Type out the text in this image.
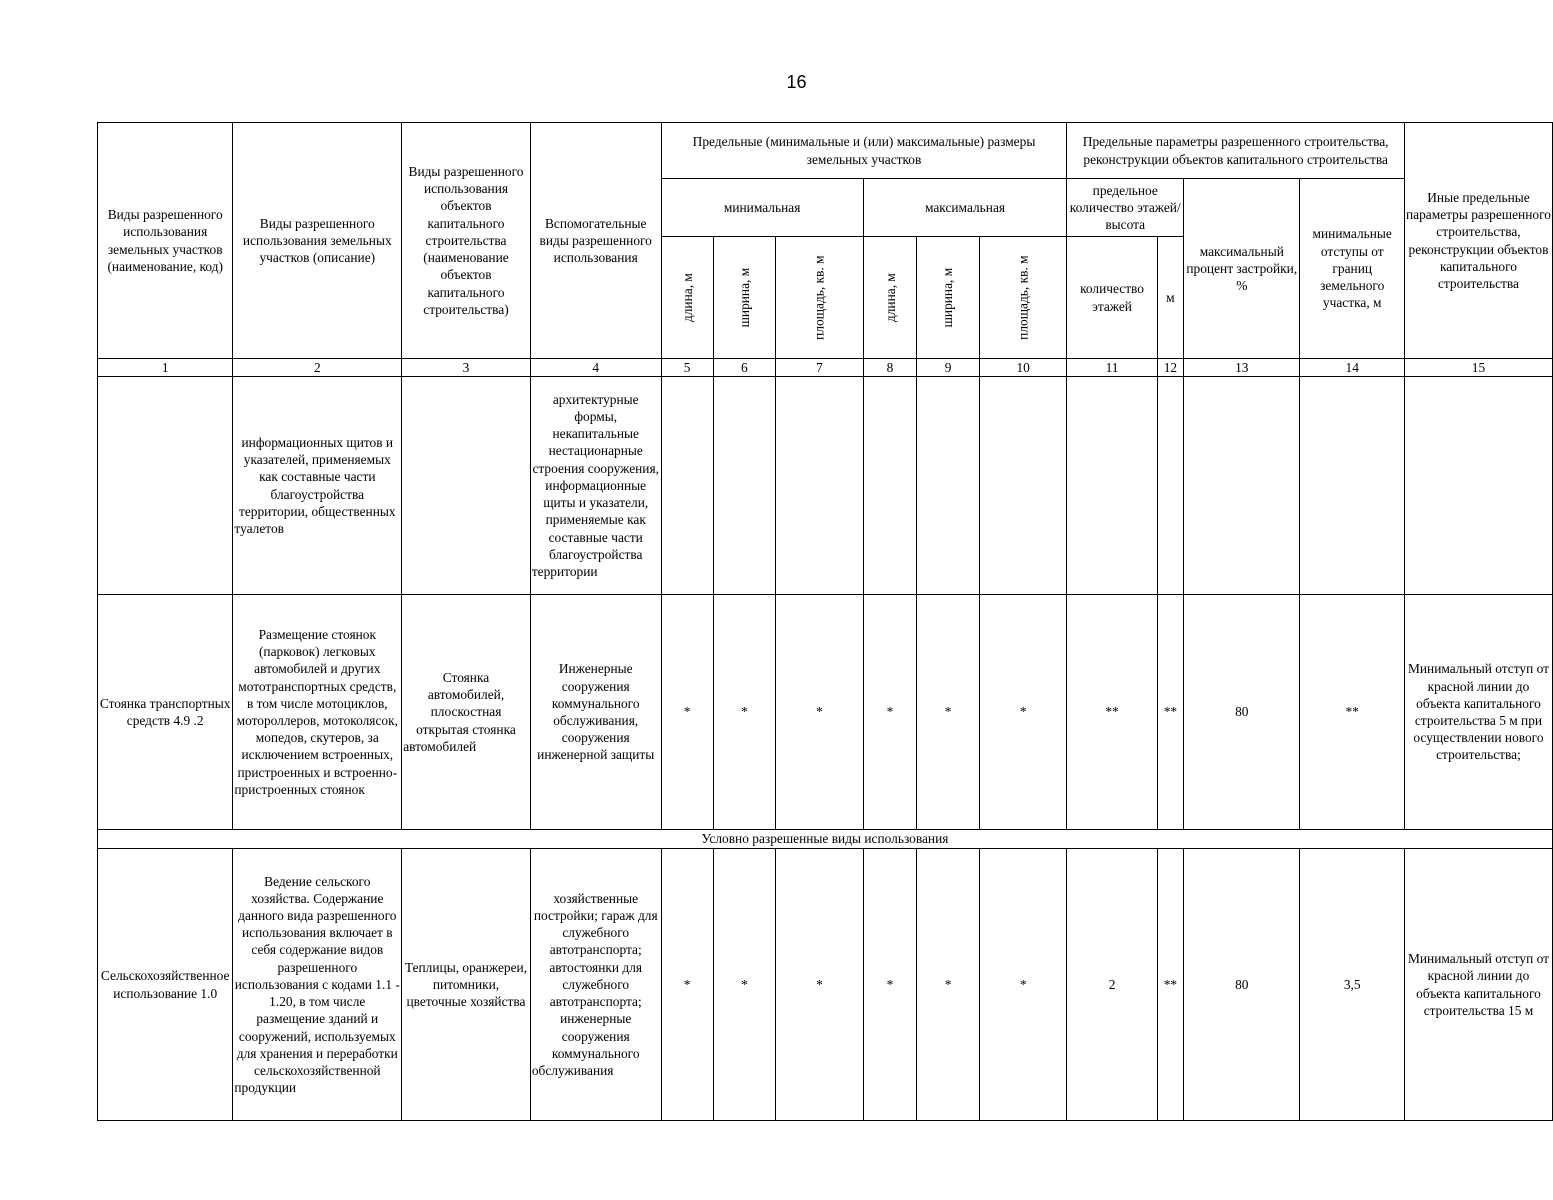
16
Виды разрешенного использования земельных участков (наименование, код)	Виды разрешенного использования земельных участков (описание)	Виды разрешенного использования объектов капитального строительства (наименование объектов капитального строительства)	Вспомогательные виды разрешенного использования	Предельные (минимальные и (или) максимальные) размеры земельных участков						Предельные параметры разрешенного строительства, реконструкции объектов капитального строительства				Иные предельные параметры разрешенного строительства, реконструкции объектов капитального строительства
				минимальная			максимальная			предельное количество этажей/высота		максимальный процент застройки, %	минимальные отступы от границ земельного участка, м	

				длина, м	ширина, м	площадь, кв. м	длина, м	ширина, м	площадь, кв. м	количество этажей	м			
1	2	3	4	5	6	7	8	9	10	11	12	13	14	15
	информационных щитов и указателей, применяемых как составные части благоустройства территории, общественных туалетов		архитектурные формы, некапитальные нестационарные строения сооружения, информационные щиты и указатели, применяемые как составные части благоустройства территории											
Стоянка транспортных средств 4.9 .2	Размещение стоянок (парковок) легковых автомобилей и других мототранспортных средств, в том числе мотоциклов, мотороллеров, мотоколясок, мопедов, скутеров, за исключением встроенных, пристроенных и встроенно-пристроенных стоянок	Стоянка автомобилей, плоскостная открытая стоянка автомобилей	Инженерные сооружения коммунального обслуживания, сооружения инженерной защиты	*	*	*	*	*	*	**	**	80	**	Минимальный отступ от красной линии до объекта капитального строительства 5 м при осуществлении нового строительства;
Условно разрешенные виды использования														
Сельскохозяйственное использование 1.0	Ведение сельского хозяйства. Содержание данного вида разрешенного использования включает в себя содержание видов разрешенного использования с кодами 1.1 - 1.20, в том числе размещение зданий и сооружений, используемых для хранения и переработки сельскохозяйственной продукции	Теплицы, оранжереи, питомники, цветочные хозяйства	хозяйственные постройки; гараж для служебного автотранспорта; автостоянки для служебного автотранспорта; инженерные сооружения коммунального обслуживания	*	*	*	*	*	*	2	**	80	3,5	Минимальный отступ от красной линии до объекта капитального строительства 15 м
